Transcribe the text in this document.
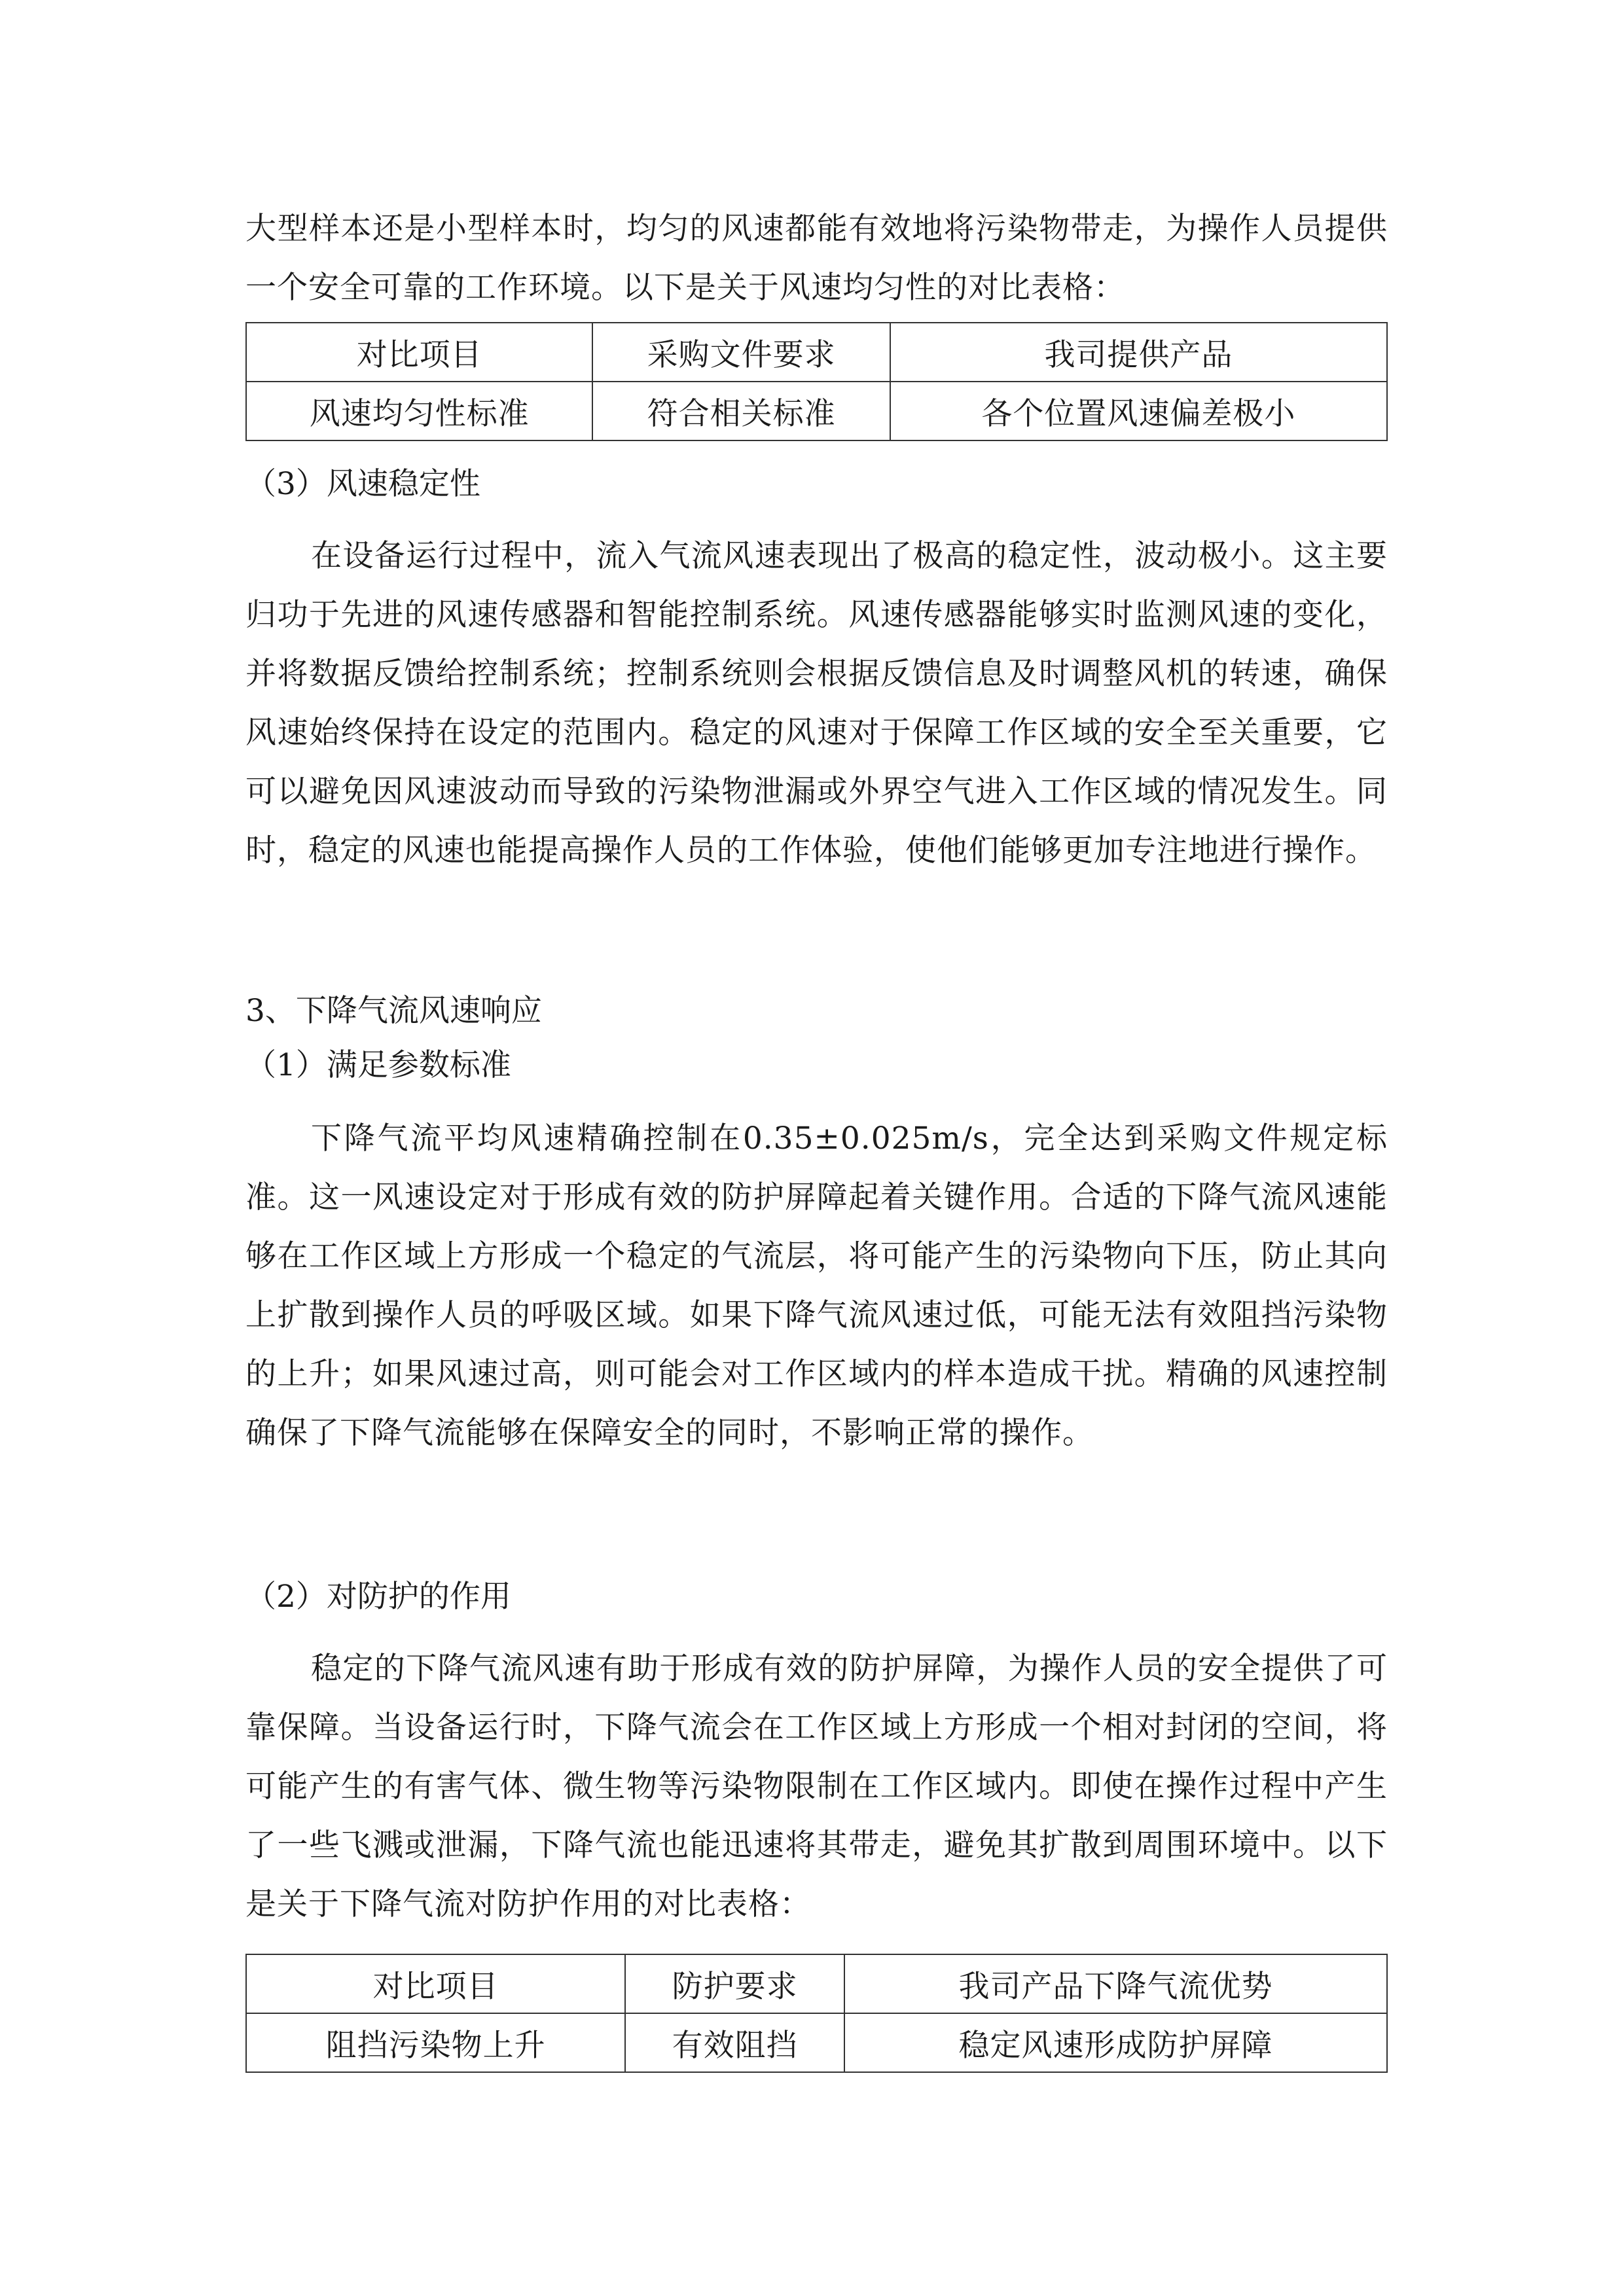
大型样本还是小型样本时，均匀的风速都能有效地将污染物带走，为操作人员提供一个安全可靠的工作环境。以下是关于风速均匀性的对比表格：

对比项目	采购文件要求	我司提供产品
风速均匀性标准	符合相关标准	各个位置风速偏差极小
（3）风速稳定性

在设备运行过程中，流入气流风速表现出了极高的稳定性，波动极小。这主要归功于先进的风速传感器和智能控制系统。风速传感器能够实时监测风速的变化，并将数据反馈给控制系统；控制系统则会根据反馈信息及时调整风机的转速，确保风速始终保持在设定的范围内。稳定的风速对于保障工作区域的安全至关重要，它可以避免因风速波动而导致的污染物泄漏或外界空气进入工作区域的情况发生。同时，稳定的风速也能提高操作人员的工作体验，使他们能够更加专注地进行操作。

3、下降气流风速响应
（1）满足参数标准

下降气流平均风速精确控制在0.35±0.025m/s，完全达到采购文件规定标准。这一风速设定对于形成有效的防护屏障起着关键作用。合适的下降气流风速能够在工作区域上方形成一个稳定的气流层，将可能产生的污染物向下压，防止其向上扩散到操作人员的呼吸区域。如果下降气流风速过低，可能无法有效阻挡污染物的上升；如果风速过高，则可能会对工作区域内的样本造成干扰。精确的风速控制确保了下降气流能够在保障安全的同时，不影响正常的操作。

（2）对防护的作用

稳定的下降气流风速有助于形成有效的防护屏障，为操作人员的安全提供了可靠保障。当设备运行时，下降气流会在工作区域上方形成一个相对封闭的空间，将可能产生的有害气体、微生物等污染物限制在工作区域内。即使在操作过程中产生了一些飞溅或泄漏，下降气流也能迅速将其带走，避免其扩散到周围环境中。以下是关于下降气流对防护作用的对比表格：

对比项目	防护要求	我司产品下降气流优势
阻挡污染物上升	有效阻挡	稳定风速形成防护屏障
